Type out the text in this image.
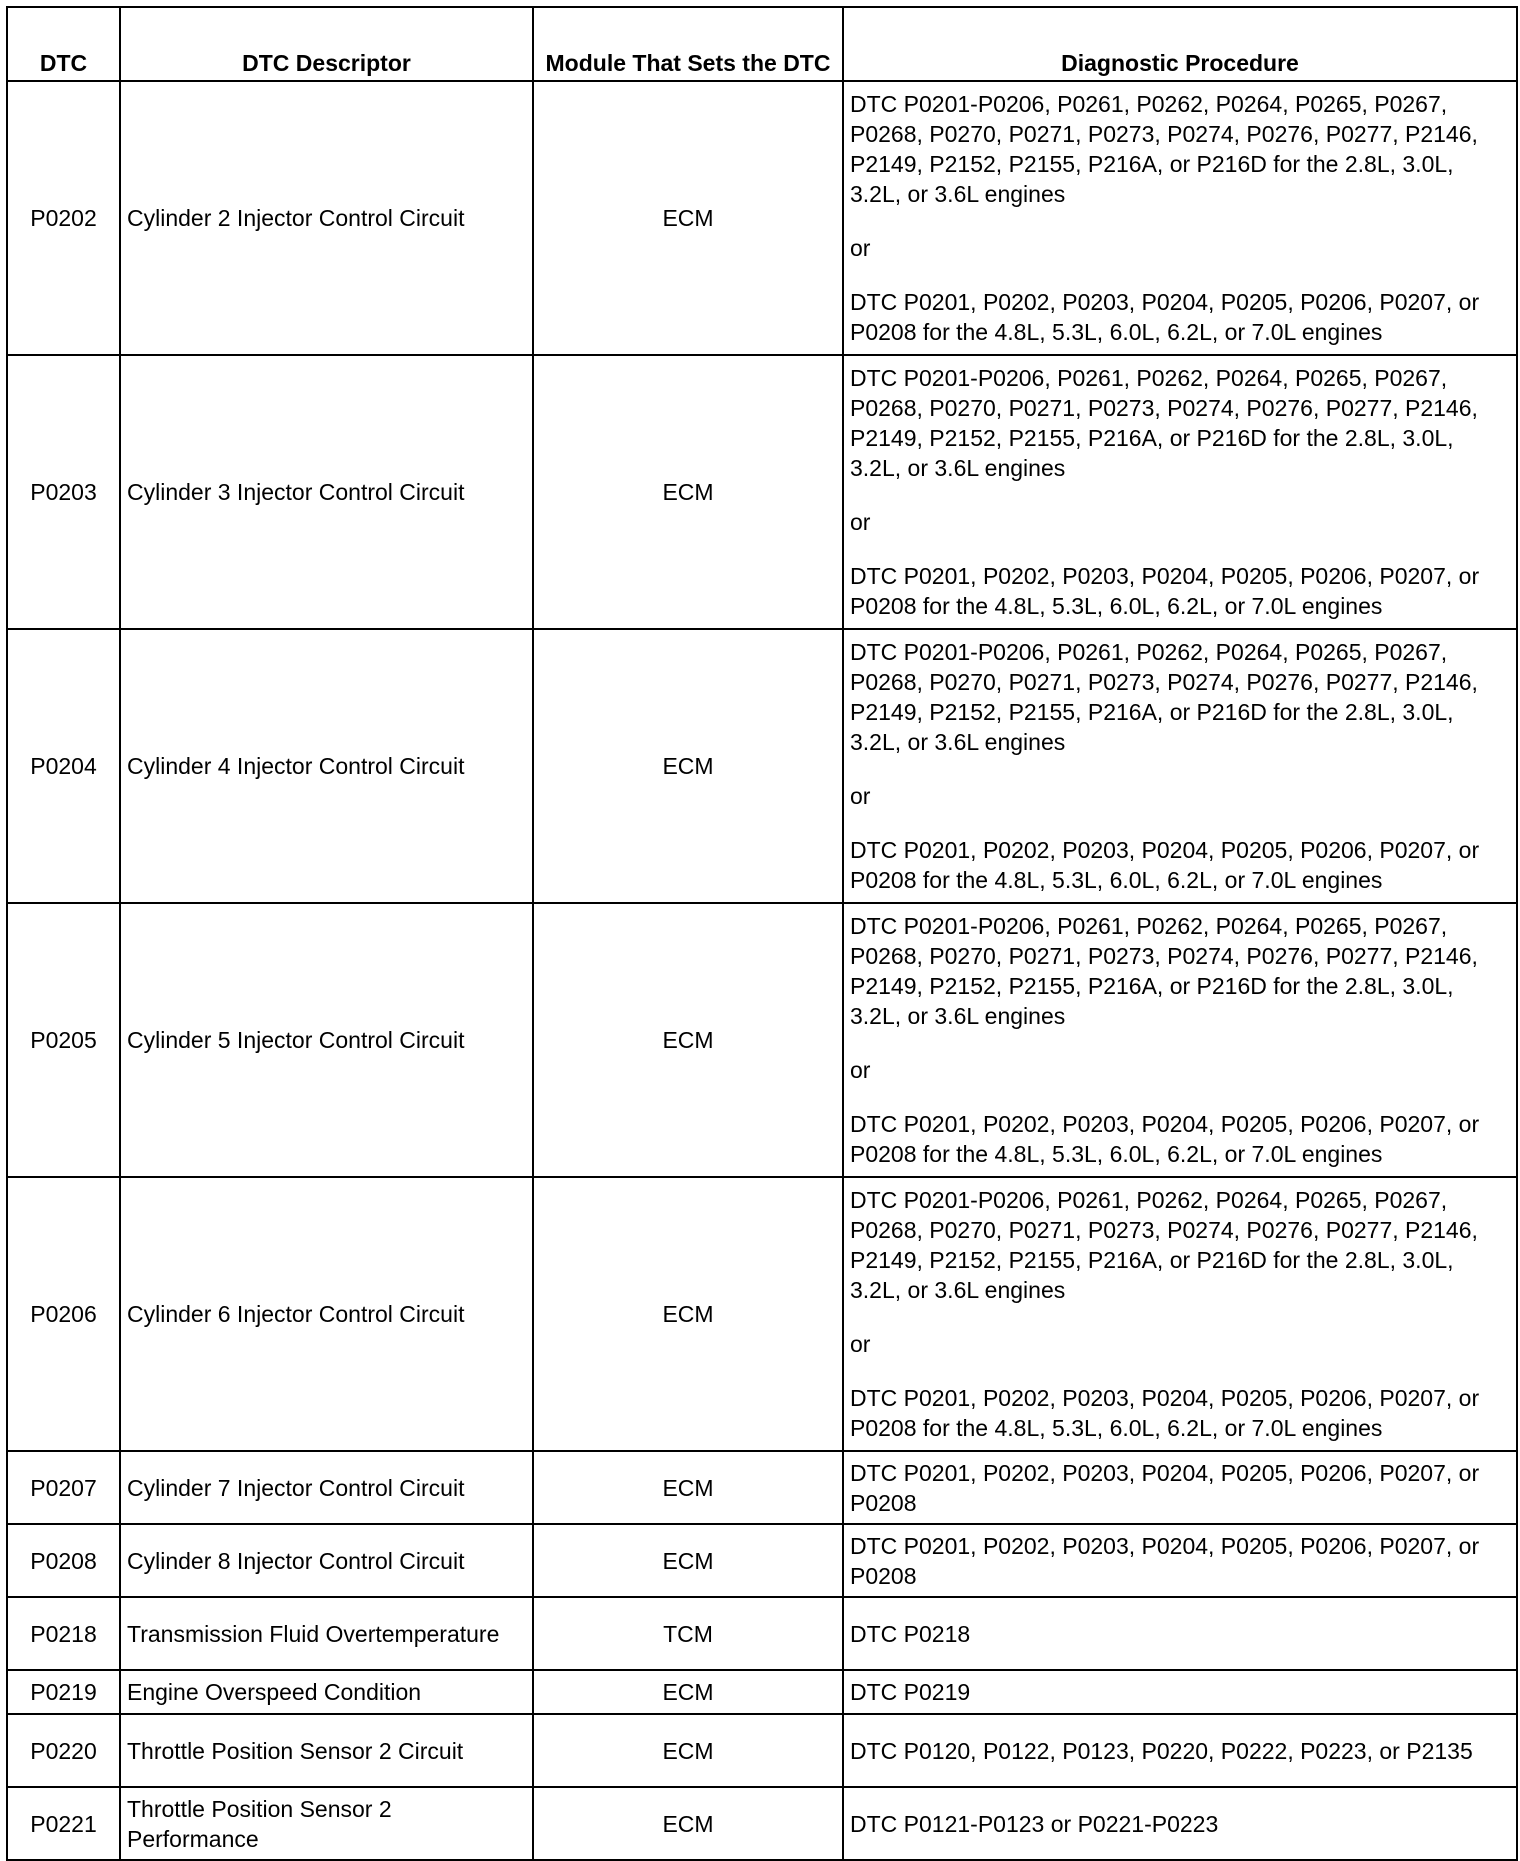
DTC	DTC Descriptor	Module That Sets the DTC	Diagnostic Procedure
P0202	Cylinder 2 Injector Control Circuit	ECM	DTC P0201-P0206, P0261, P0262, P0264, P0265, P0267, P0268, P0270, P0271, P0273, P0274, P0276, P0277, P2146, P2149, P2152, P2155, P216A, or P216D for the 2.8L, 3.0L, 3.2L, or 3.6L engines

or

DTC P0201, P0202, P0203, P0204, P0205, P0206, P0207, or P0208 for the 4.8L, 5.3L, 6.0L, 6.2L, or 7.0L engines

P0203	Cylinder 3 Injector Control Circuit	ECM	DTC P0201-P0206, P0261, P0262, P0264, P0265, P0267, P0268, P0270, P0271, P0273, P0274, P0276, P0277, P2146, P2149, P2152, P2155, P216A, or P216D for the 2.8L, 3.0L, 3.2L, or 3.6L engines

or

DTC P0201, P0202, P0203, P0204, P0205, P0206, P0207, or P0208 for the 4.8L, 5.3L, 6.0L, 6.2L, or 7.0L engines

P0204	Cylinder 4 Injector Control Circuit	ECM	DTC P0201-P0206, P0261, P0262, P0264, P0265, P0267, P0268, P0270, P0271, P0273, P0274, P0276, P0277, P2146, P2149, P2152, P2155, P216A, or P216D for the 2.8L, 3.0L, 3.2L, or 3.6L engines

or

DTC P0201, P0202, P0203, P0204, P0205, P0206, P0207, or P0208 for the 4.8L, 5.3L, 6.0L, 6.2L, or 7.0L engines

P0205	Cylinder 5 Injector Control Circuit	ECM	DTC P0201-P0206, P0261, P0262, P0264, P0265, P0267, P0268, P0270, P0271, P0273, P0274, P0276, P0277, P2146, P2149, P2152, P2155, P216A, or P216D for the 2.8L, 3.0L, 3.2L, or 3.6L engines

or

DTC P0201, P0202, P0203, P0204, P0205, P0206, P0207, or P0208 for the 4.8L, 5.3L, 6.0L, 6.2L, or 7.0L engines

P0206	Cylinder 6 Injector Control Circuit	ECM	DTC P0201-P0206, P0261, P0262, P0264, P0265, P0267, P0268, P0270, P0271, P0273, P0274, P0276, P0277, P2146, P2149, P2152, P2155, P216A, or P216D for the 2.8L, 3.0L, 3.2L, or 3.6L engines

or

DTC P0201, P0202, P0203, P0204, P0205, P0206, P0207, or P0208 for the 4.8L, 5.3L, 6.0L, 6.2L, or 7.0L engines

P0207	Cylinder 7 Injector Control Circuit	ECM	DTC P0201, P0202, P0203, P0204, P0205, P0206, P0207, or P0208
P0208	Cylinder 8 Injector Control Circuit	ECM	DTC P0201, P0202, P0203, P0204, P0205, P0206, P0207, or P0208
P0218	Transmission Fluid Overtemperature	TCM	DTC P0218
P0219	Engine Overspeed Condition	ECM	DTC P0219
P0220	Throttle Position Sensor 2 Circuit	ECM	DTC P0120, P0122, P0123, P0220, P0222, P0223, or P2135
P0221	Throttle Position Sensor 2 Performance	ECM	DTC P0121-P0123 or P0221-P0223
